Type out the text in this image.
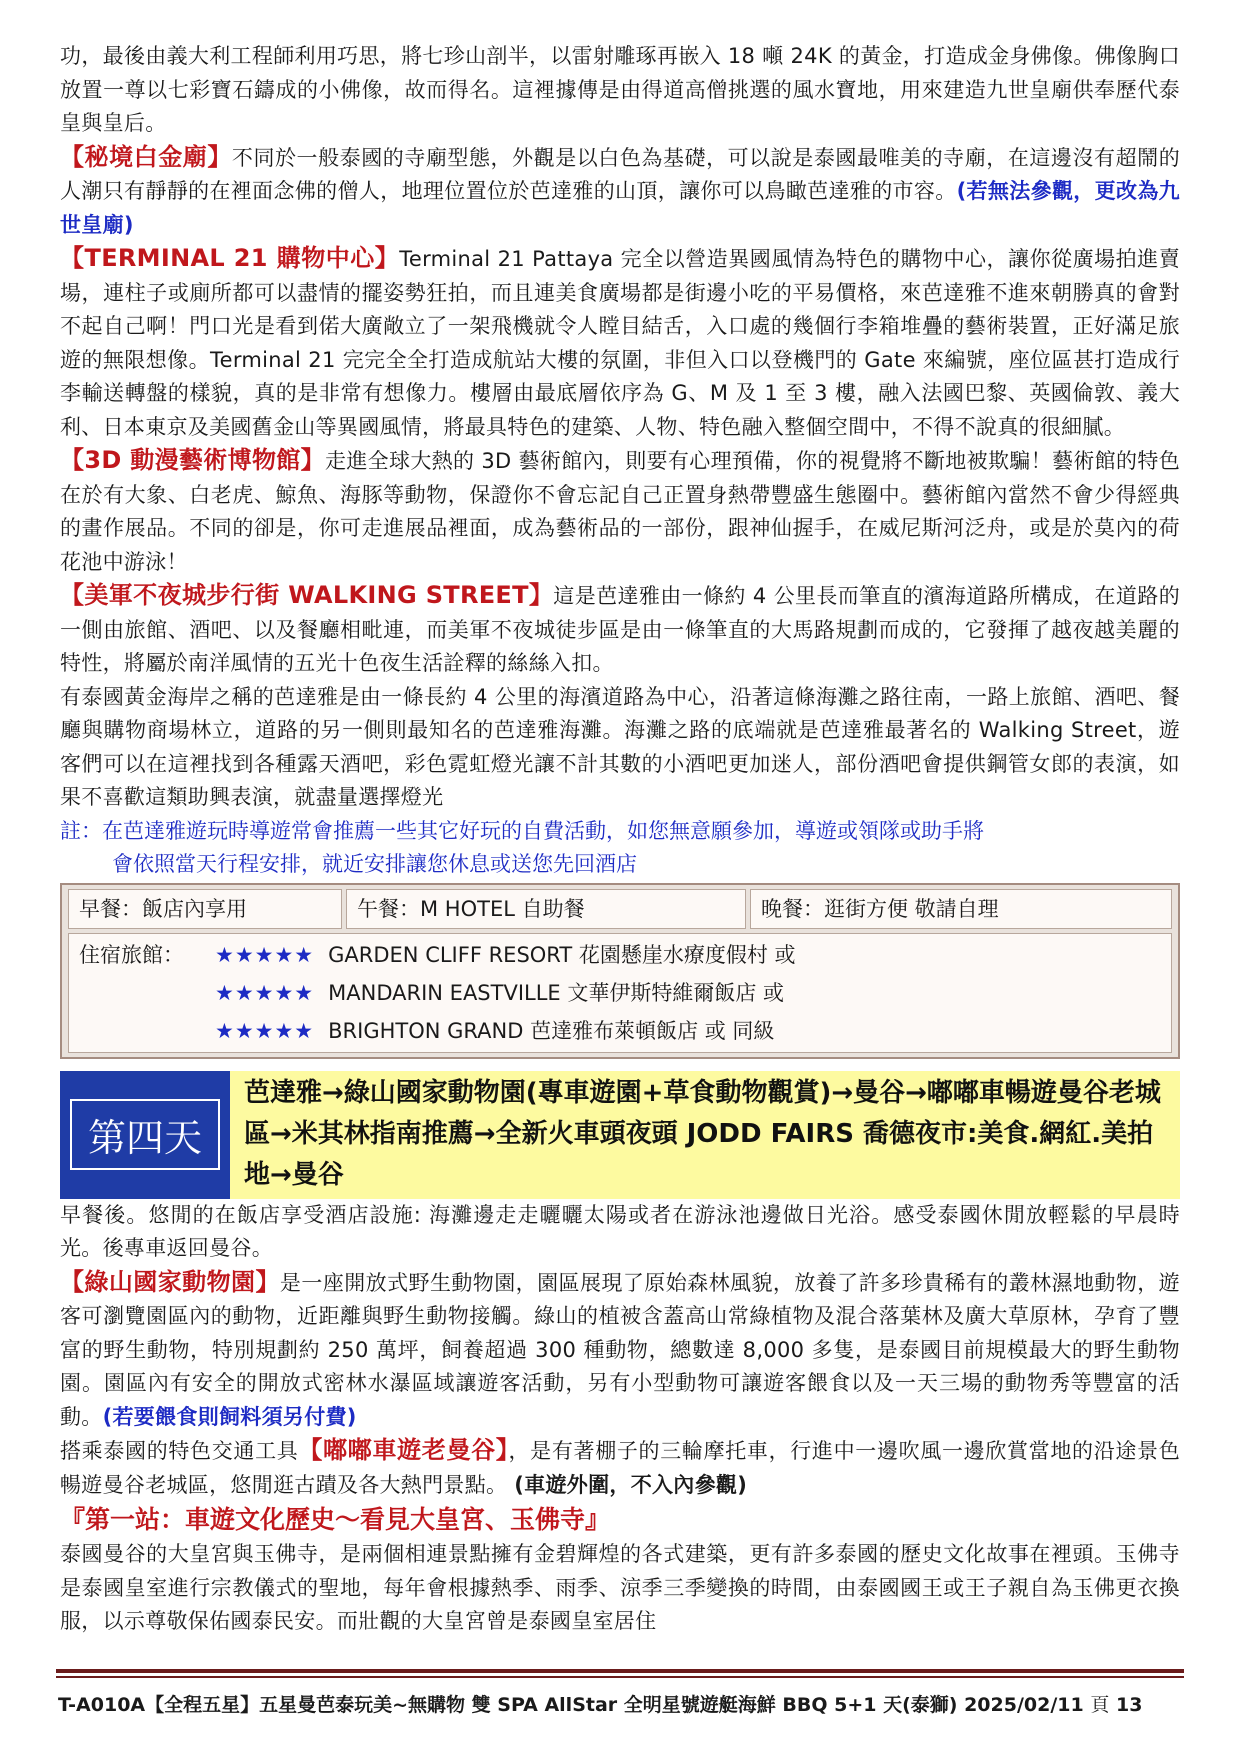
功，最後由義大利工程師利用巧思，將七珍山剖半，以雷射雕琢再嵌入 18 噸 24K 的黃金，打造成金身佛像。佛像胸口放置一尊以七彩寶石鑄成的小佛像，故而得名。這裡據傳是由得道高僧挑選的風水寶地，用來建造九世皇廟供奉歷代泰皇與皇后。

【秘境白金廟】不同於一般泰國的寺廟型態，外觀是以白色為基礎，可以說是泰國最唯美的寺廟，在這邊沒有超鬧的人潮只有靜靜的在裡面念佛的僧人，地理位置位於芭達雅的山頂，讓你可以鳥瞰芭達雅的市容。(若無法參觀，更改為九世皇廟)

【TERMINAL 21 購物中心】Terminal 21 Pattaya 完全以營造異國風情為特色的購物中心，讓你從廣場拍進賣場，連柱子或廁所都可以盡情的擺姿勢狂拍，而且連美食廣場都是街邊小吃的平易價格，來芭達雅不進來朝勝真的會對不起自己啊！門口光是看到偌大廣敞立了一架飛機就令人瞠目結舌，入口處的幾個行李箱堆疊的藝術裝置，正好滿足旅遊的無限想像。Terminal 21 完完全全打造成航站大樓的氛圍，非但入口以登機門的 Gate 來編號，座位區甚打造成行李輸送轉盤的樣貌，真的是非常有想像力。樓層由最底層依序為 G、M 及 1 至 3 樓，融入法國巴黎、英國倫敦、義大利、日本東京及美國舊金山等異國風情，將最具特色的建築、人物、特色融入整個空間中，不得不說真的很細膩。

【3D 動漫藝術博物館】走進全球大熱的 3D 藝術館內，則要有心理預備，你的視覺將不斷地被欺騙！藝術館的特色在於有大象、白老虎、鯨魚、海豚等動物，保證你不會忘記自己正置身熱帶豐盛生態圈中。藝術館內當然不會少得經典的畫作展品。不同的卻是，你可走進展品裡面，成為藝術品的一部份，跟神仙握手，在威尼斯河泛舟，或是於莫內的荷花池中游泳！

【美軍不夜城步行街 WALKING STREET】這是芭達雅由一條約 4 公里長而筆直的濱海道路所構成，在道路的一側由旅館、酒吧、以及餐廳相毗連，而美軍不夜城徒步區是由一條筆直的大馬路規劃而成的，它發揮了越夜越美麗的特性，將屬於南洋風情的五光十色夜生活詮釋的絲絲入扣。

有泰國黃金海岸之稱的芭達雅是由一條長約 4 公里的海濱道路為中心，沿著這條海灘之路往南，一路上旅館、酒吧、餐廳與購物商場林立，道路的另一側則最知名的芭達雅海灘。海灘之路的底端就是芭達雅最著名的 Walking Street，遊客們可以在這裡找到各種露天酒吧，彩色霓虹燈光讓不計其數的小酒吧更加迷人，部份酒吧會提供鋼管女郎的表演，如果不喜歡這類助興表演，就盡量選擇燈光

註：在芭達雅遊玩時導遊常會推薦一些其它好玩的自費活動，如您無意願參加，導遊或領隊或助手將
會依照當天行程安排，就近安排讓您休息或送您先回酒店

早餐：飯店內享用	午餐：M HOTEL 自助餐	晚餐：逛街方便 敬請自理
住宿旅館：	★★★★★ GARDEN CLIFF RESORT 花園懸崖水療度假村 或
★★★★★ MANDARIN EASTVILLE 文華伊斯特維爾飯店 或
★★★★★ BRIGHTON GRAND 芭達雅布萊頓飯店 或 同級
第四天
芭達雅→綠山國家動物園(專車遊園+草食動物觀賞)→曼谷→嘟嘟車暢遊曼谷老城區→米其林指南推薦→全新火車頭夜頭 JODD FAIRS 喬德夜市:美食.網紅.美拍地→曼谷

早餐後。悠閒的在飯店享受酒店設施: 海灘邊走走曬曬太陽或者在游泳池邊做日光浴。感受泰國休閒放輕鬆的早晨時光。後專車返回曼谷。

【綠山國家動物園】是一座開放式野生動物園，園區展現了原始森林風貌，放養了許多珍貴稀有的叢林濕地動物，遊客可瀏覽園區內的動物，近距離與野生動物接觸。綠山的植被含蓋高山常綠植物及混合落葉林及廣大草原林，孕育了豐富的野生動物，特別規劃約 250 萬坪，飼養超過 300 種動物，總數達 8,000 多隻，是泰國目前規模最大的野生動物園。園區內有安全的開放式密林水瀑區域讓遊客活動，另有小型動物可讓遊客餵食以及一天三場的動物秀等豐富的活動。(若要餵食則飼料須另付費)

搭乘泰國的特色交通工具【嘟嘟車遊老曼谷】，是有著棚子的三輪摩托車，行進中一邊吹風一邊欣賞當地的沿途景色暢遊曼谷老城區，悠閒逛古蹟及各大熱門景點。 (車遊外圍，不入內參觀)

『第一站：車遊文化歷史～看見大皇宮、玉佛寺』

泰國曼谷的大皇宮與玉佛寺，是兩個相連景點擁有金碧輝煌的各式建築，更有許多泰國的歷史文化故事在裡頭。玉佛寺是泰國皇室進行宗教儀式的聖地，每年會根據熱季、雨季、涼季三季變換的時間，由泰國國王或王子親自為玉佛更衣換服，以示尊敬保佑國泰民安。而壯觀的大皇宮曾是泰國皇室居住

T-A010A【全程五星】五星曼芭泰玩美~無購物 雙 SPA AllStar 全明星號遊艇海鮮 BBQ 5+1 天(泰獅) 2025/02/11 頁 13
